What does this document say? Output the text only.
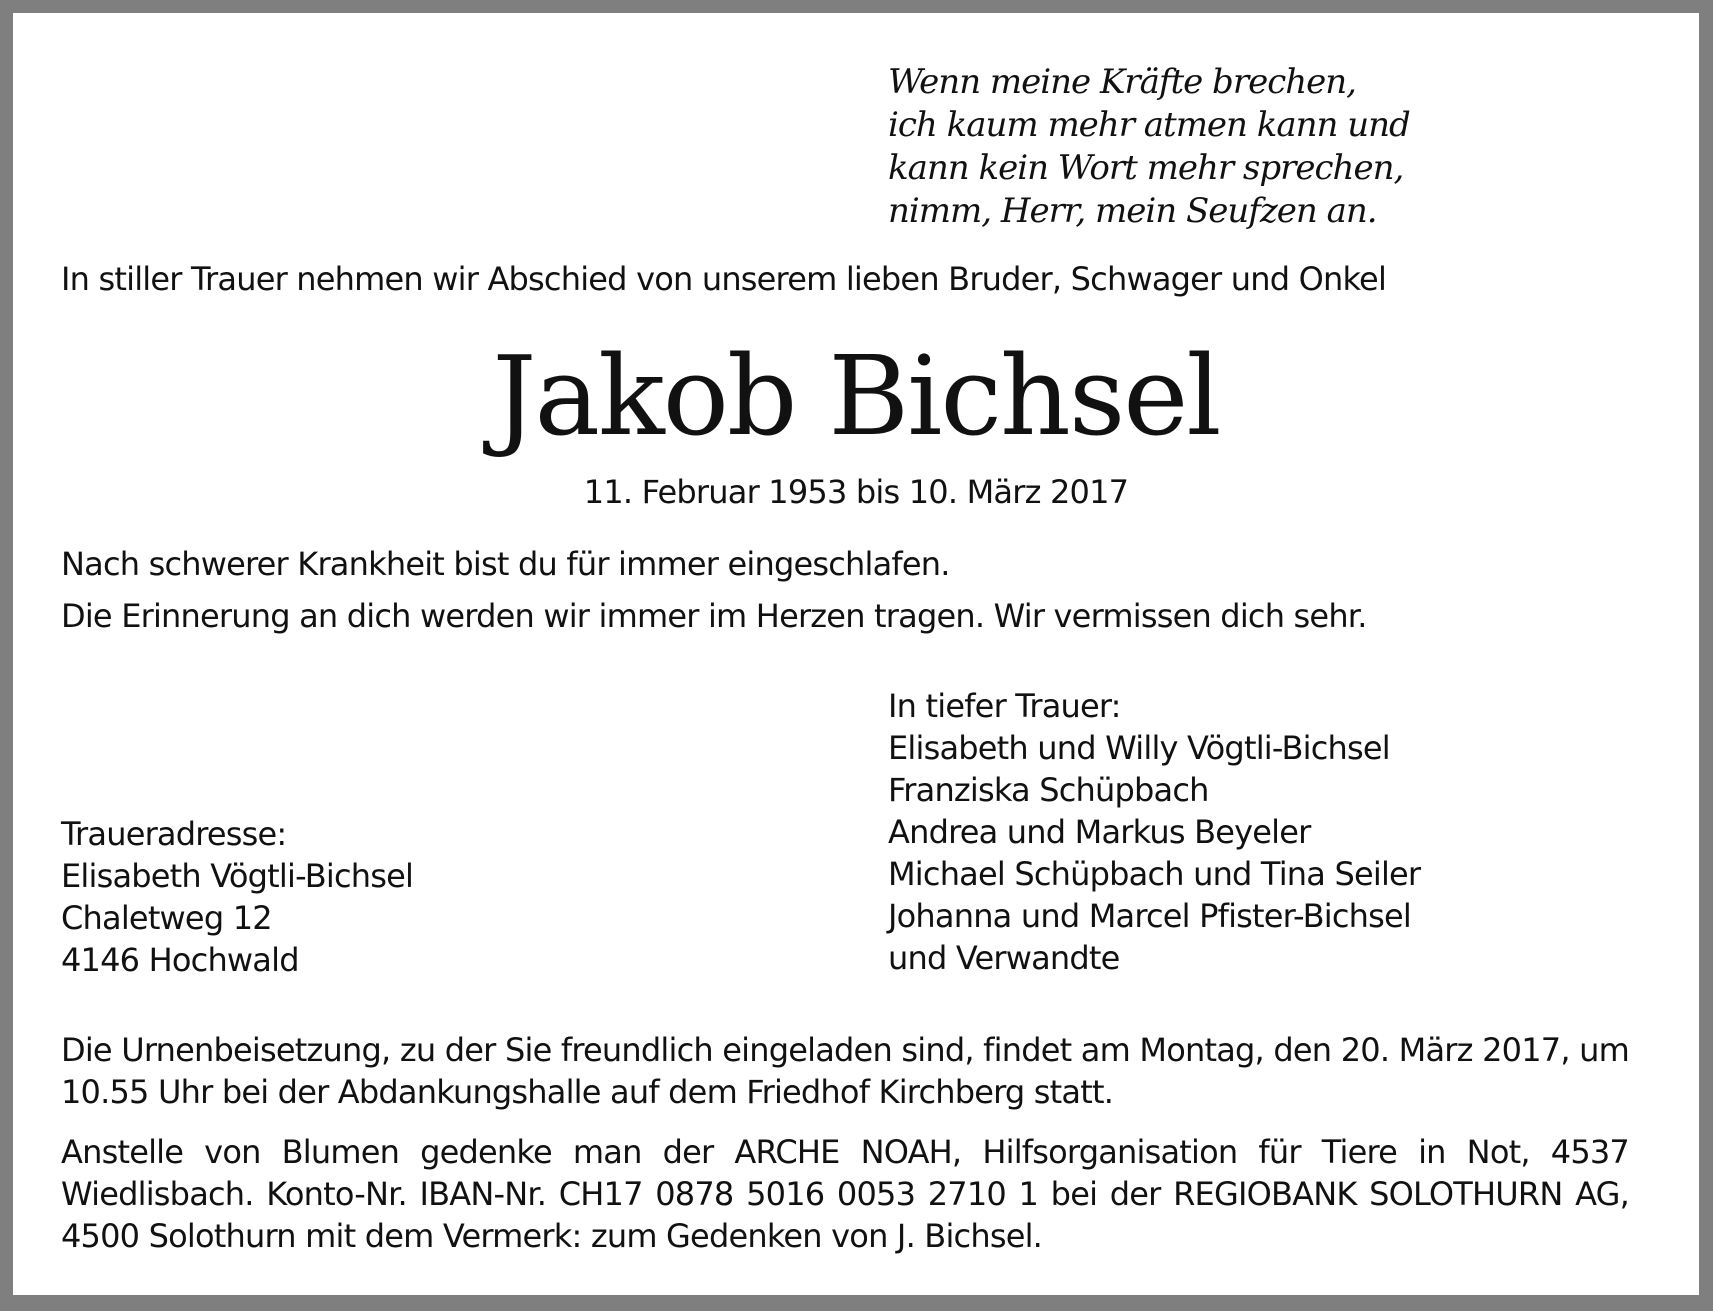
Wenn meine Kräfte brechen,
ich kaum mehr atmen kann und
kann kein Wort mehr sprechen,
nimm, Herr, mein Seufzen an.
In stiller Trauer nehmen wir Abschied von unserem lieben Bruder, Schwager und Onkel
Jakob Bichsel
11. Februar 1953 bis 10. März 2017
Nach schwerer Krankheit bist du für immer eingeschlafen.
Die Erinnerung an dich werden wir immer im Herzen tragen. Wir vermissen dich sehr.
In tiefer Trauer:
Elisabeth und Willy Vögtli-Bichsel
Franziska Schüpbach
Andrea und Markus Beyeler
Michael Schüpbach und Tina Seiler
Johanna und Marcel Pfister-Bichsel
und Verwandte
Traueradresse:
Elisabeth Vögtli-Bichsel
Chaletweg 12
4146 Hochwald
Die Urnenbeisetzung, zu der Sie freundlich eingeladen sind, findet am Montag, den 20. März 2017, um 10.55 Uhr bei der Abdankungshalle auf dem Friedhof Kirchberg statt.
Anstelle von Blumen gedenke man der ARCHE NOAH, Hilfsorganisation für Tiere in Not, 4537 Wiedlisbach. Konto-Nr. IBAN-Nr. CH17 0878 5016 0053 2710 1 bei der REGIOBANK SOLOTHURN AG, 4500 Solothurn mit dem Vermerk: zum Gedenken von J. Bichsel.
